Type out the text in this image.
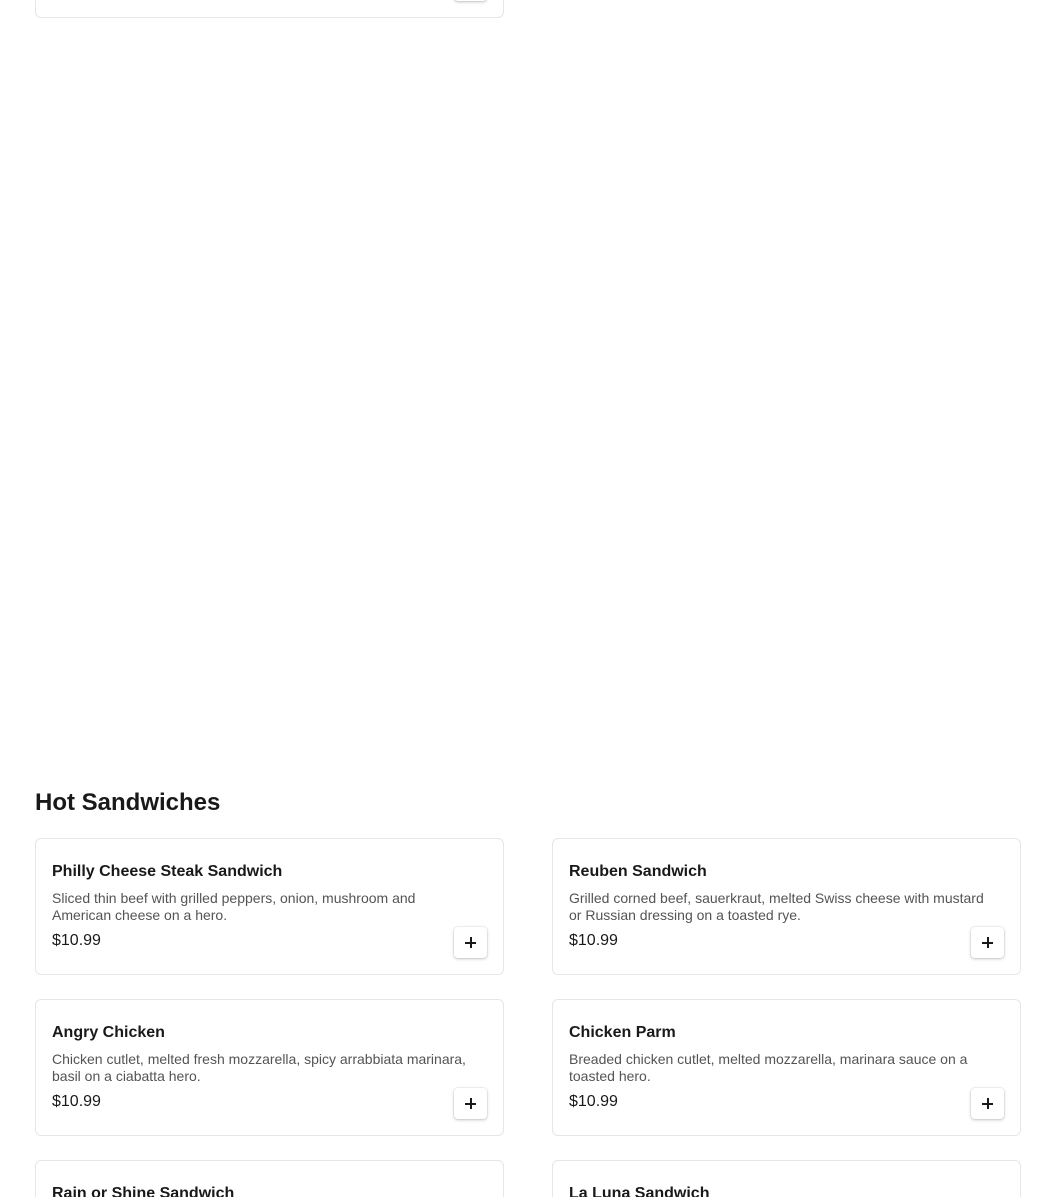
Hot Sandwiches
Philly Cheese Steak Sandwich
Sliced thin beef with grilled peppers, onion, mushroom and American cheese on a hero.
$10.99
Reuben Sandwich
Grilled corned beef, sauerkraut, melted Swiss cheese with mustard or Russian dressing on a toasted rye.
$10.99
Angry Chicken
Chicken cutlet, melted fresh mozzarella, spicy arrabbiata marinara, basil on a ciabatta hero.
$10.99
Chicken Parm
Breaded chicken cutlet, melted mozzarella, marinara sauce on a toasted hero.
$10.99
Rain or Shine Sandwich	La Luna Sandwich
